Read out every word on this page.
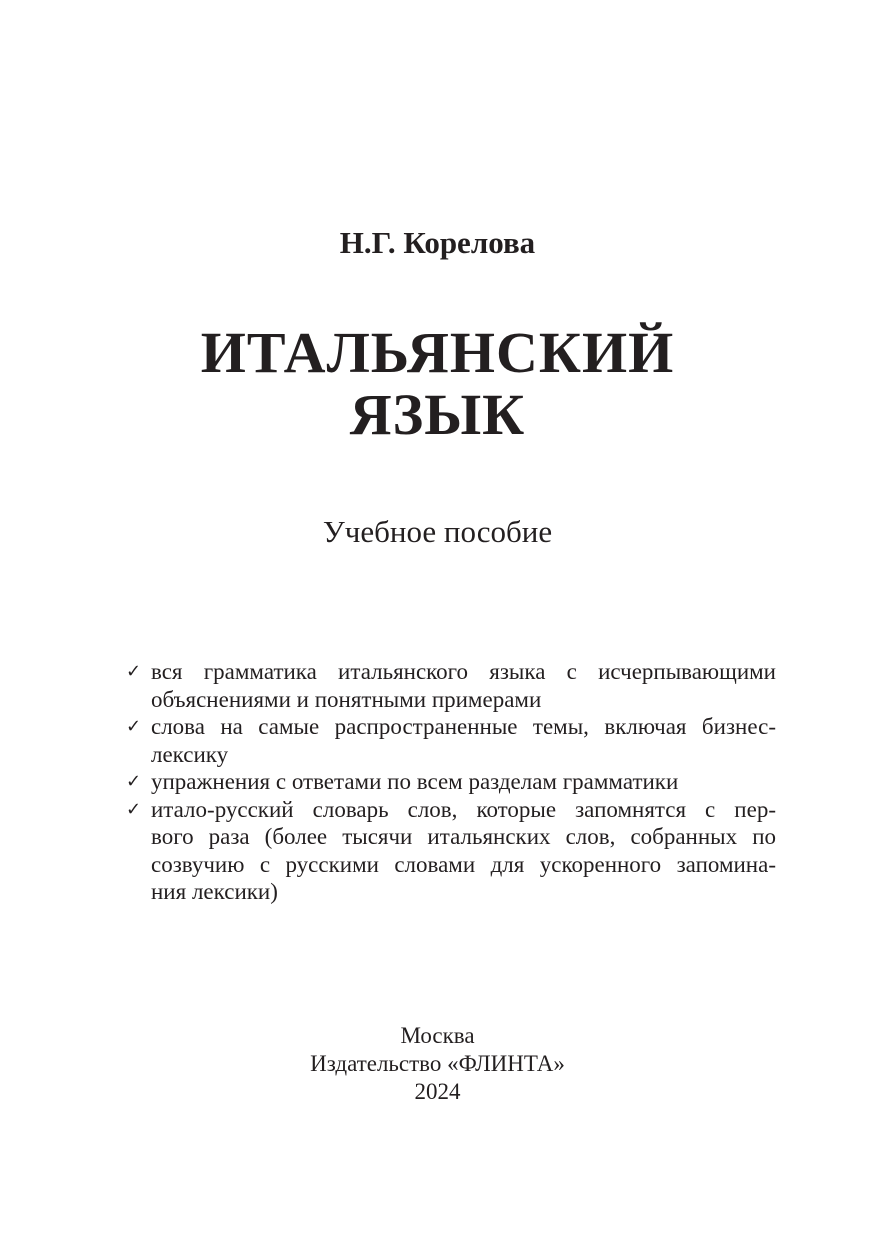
Н.Г. Корелова
ИТАЛЬЯНСКИЙ
ЯЗЫК
Учебное пособие
✓ вся грамматика итальянского языка с исчерпывающими
объяснениями и понятными примерами
✓ слова на самые распространенные темы, включая бизнес-
лексику
✓ упражнения с ответами по всем разделам грамматики
✓ итало-русский словарь слов, которые запомнятся с пер-
вого раза (более тысячи итальянских слов, собранных по
созвучию с русскими словами для ускоренного запомина-
ния лексики)
Москва
Издательство «ФЛИНТА»
2024
